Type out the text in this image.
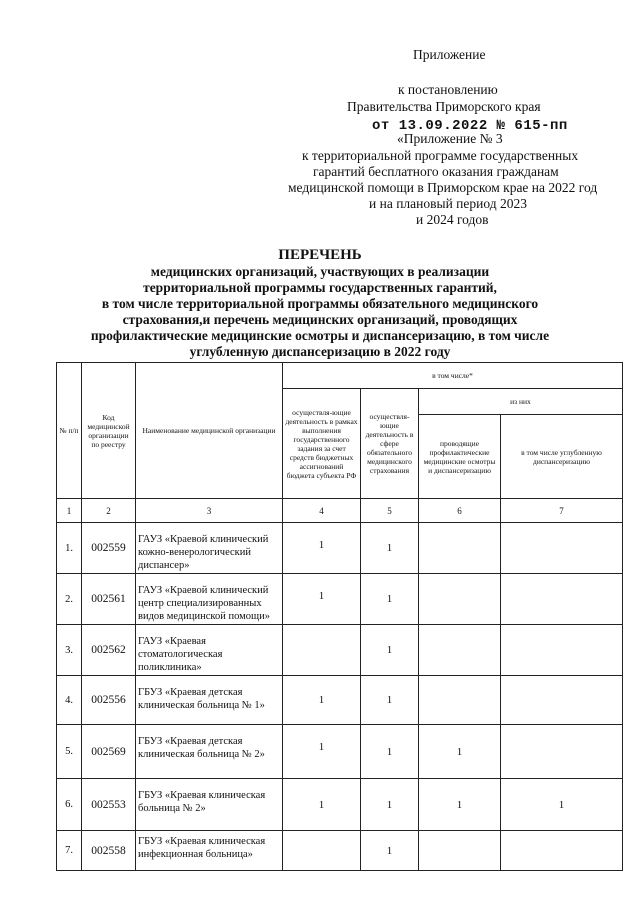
Приложение
к постановлению
Правительства Приморского края
от 13.09.2022 № 615-пп
«Приложение № 3
к территориальной программе государственных
гарантий бесплатного оказания гражданам
медицинской помощи в Приморском крае на 2022 год
и на плановый период 2023
и 2024 годов
ПЕРЕЧЕНЬ
медицинских организаций, участвующих в реализации
территориальной программы государственных гарантий,
в том числе территориальной программы обязательного медицинского
страхования,и перечень медицинских организаций, проводящих
профилактические медицинские осмотры и диспансеризацию, в том числе
углубленную диспансеризацию в 2022 году
№ п/п	Код медицинской организации по реестру	Наименование медицинской организации	в том числе*			
			осуществля-ющие деятельность в рамках выполнения государственного задания за счет средств бюджетных ассигнований бюджета субъекта РФ	осуществля-ющие деятельность в сфере обязательного медицинского страхования	из них	
					проводящие профилактические медицинские осмотры и диспансеризацию	в том числе углубленную диспансеризацию
1	2	3	4	5	6	7
1.	002559	ГАУЗ «Краевой клинический кожно-венерологический диспансер»	1	1		
2.	002561	ГАУЗ «Краевой клинический центр специализированных видов медицинской помощи»	1	1		
3.	002562	ГАУЗ «Краевая стоматологическая поликлиника»		1		
4.	002556	ГБУЗ «Краевая детская клиническая больница № 1»	1	1		
5.	002569	ГБУЗ «Краевая детская клиническая больница № 2»	1	1	1	
6.	002553	ГБУЗ «Краевая клиническая больница № 2»	1	1	1	1
7.	002558	ГБУЗ «Краевая клиническая инфекционная больница»		1		
